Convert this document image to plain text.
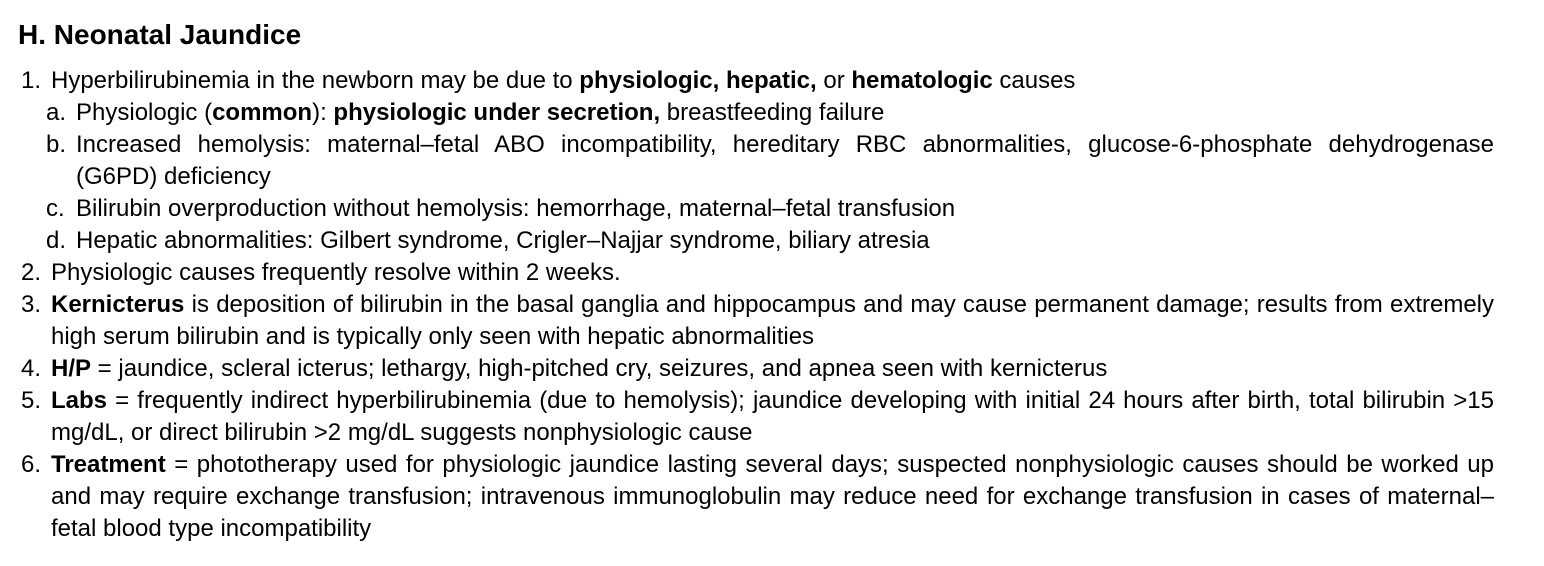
H. Neonatal Jaundice
1. Hyperbilirubinemia in the newborn may be due to physiologic, hepatic, or hematologic causes
a. Physiologic (common): physiologic under secretion, breastfeeding failure
b. Increased hemolysis: maternal–fetal ABO incompatibility, hereditary RBC abnormalities, glucose-6-phosphate dehydrogenase (G6PD) deficiency
c. Bilirubin overproduction without hemolysis: hemorrhage, maternal–fetal transfusion
d. Hepatic abnormalities: Gilbert syndrome, Crigler–Najjar syndrome, biliary atresia
2. Physiologic causes frequently resolve within 2 weeks.
3. Kernicterus is deposition of bilirubin in the basal ganglia and hippocampus and may cause permanent damage; results from extremely high serum bilirubin and is typically only seen with hepatic abnormalities
4. H/P = jaundice, scleral icterus; lethargy, high-pitched cry, seizures, and apnea seen with kernicterus
5. Labs = frequently indirect hyperbilirubinemia (due to hemolysis); jaundice developing with initial 24 hours after birth, total bilirubin >15 mg/dL, or direct bilirubin >2 mg/dL suggests nonphysiologic cause
6. Treatment = phototherapy used for physiologic jaundice lasting several days; suspected nonphysiologic causes should be worked up and may require exchange transfusion; intravenous immunoglobulin may reduce need for exchange transfusion in cases of maternal–fetal blood type incompatibility
